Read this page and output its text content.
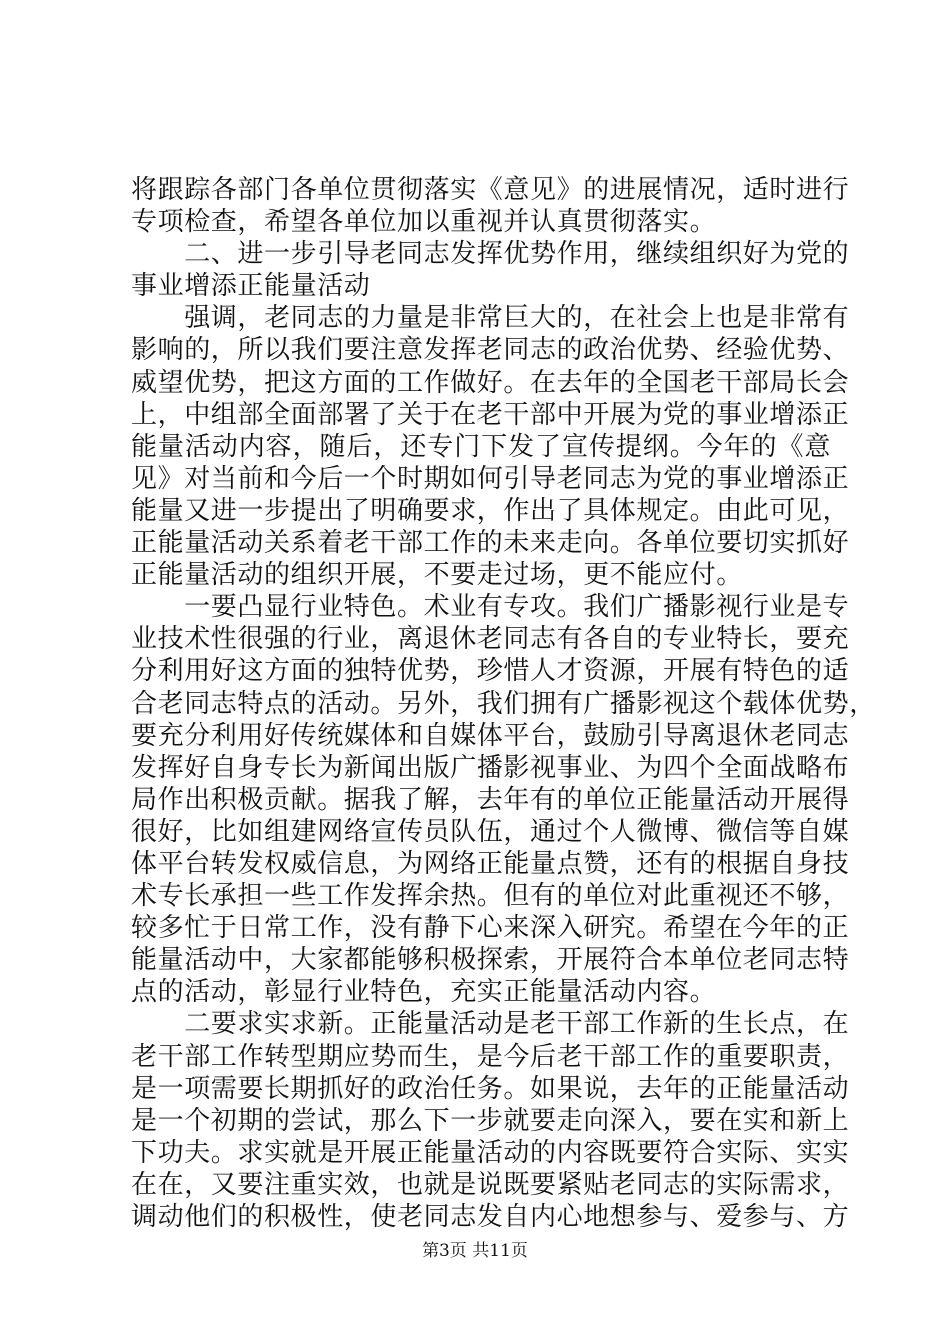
将跟踪各部门各单位贯彻落实《意见》的进展情况，适时进行
专项检查，希望各单位加以重视并认真贯彻落实。
　　二、进一步引导老同志发挥优势作用，继续组织好为党的
事业增添正能量活动
　　强调，老同志的力量是非常巨大的，在社会上也是非常有
影响的，所以我们要注意发挥老同志的政治优势、经验优势、
威望优势，把这方面的工作做好。在去年的全国老干部局长会
上，中组部全面部署了关于在老干部中开展为党的事业增添正
能量活动内容，随后，还专门下发了宣传提纲。今年的《意
见》对当前和今后一个时期如何引导老同志为党的事业增添正
能量又进一步提出了明确要求，作出了具体规定。由此可见，
正能量活动关系着老干部工作的未来走向。各单位要切实抓好
正能量活动的组织开展，不要走过场，更不能应付。
　　一要凸显行业特色。术业有专攻。我们广播影视行业是专
业技术性很强的行业，离退休老同志有各自的专业特长，要充
分利用好这方面的独特优势，珍惜人才资源，开展有特色的适
合老同志特点的活动。另外，我们拥有广播影视这个载体优势，
要充分利用好传统媒体和自媒体平台，鼓励引导离退休老同志
发挥好自身专长为新闻出版广播影视事业、为四个全面战略布
局作出积极贡献。据我了解，去年有的单位正能量活动开展得
很好，比如组建网络宣传员队伍，通过个人微博、微信等自媒
体平台转发权威信息，为网络正能量点赞，还有的根据自身技
术专长承担一些工作发挥余热。但有的单位对此重视还不够，
较多忙于日常工作，没有静下心来深入研究。希望在今年的正
能量活动中，大家都能够积极探索，开展符合本单位老同志特
点的活动，彰显行业特色，充实正能量活动内容。
　　二要求实求新。正能量活动是老干部工作新的生长点，在
老干部工作转型期应势而生，是今后老干部工作的重要职责，
是一项需要长期抓好的政治任务。如果说，去年的正能量活动
是一个初期的尝试，那么下一步就要走向深入，要在实和新上
下功夫。求实就是开展正能量活动的内容既要符合实际、实实
在在，又要注重实效，也就是说既要紧贴老同志的实际需求，
调动他们的积极性，使老同志发自内心地想参与、爱参与、方
第3页 共11页
